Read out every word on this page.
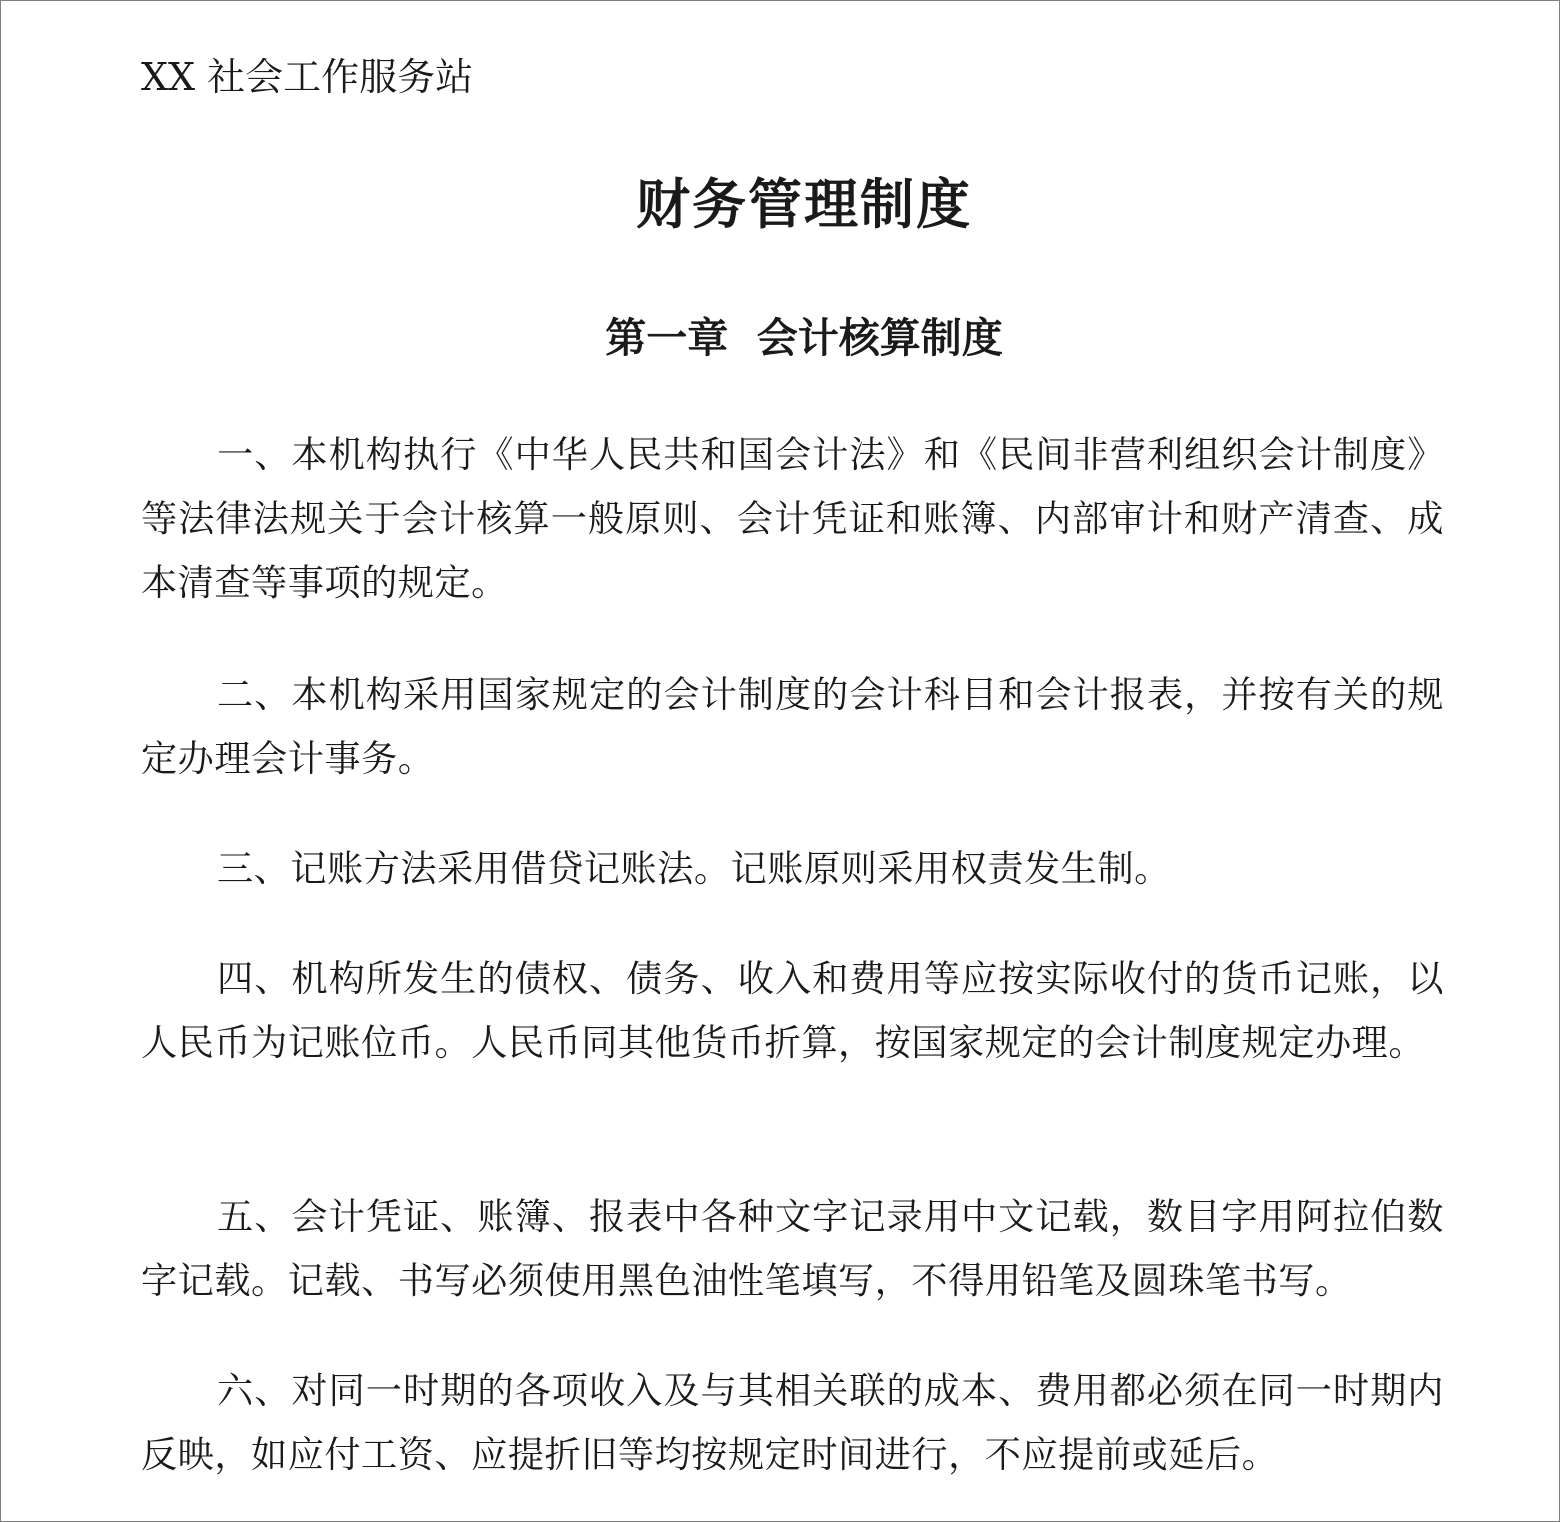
XX 社会工作服务站

财务管理制度
第一章  会计核算制度

一、本机构执行《中华人民共和国会计法》和《民间非营利组织会计制度》等法律法规关于会计核算一般原则、会计凭证和账簿、内部审计和财产清查、成本清查等事项的规定。

二、本机构采用国家规定的会计制度的会计科目和会计报表，并按有关的规定办理会计事务。

三、记账方法采用借贷记账法。记账原则采用权责发生制。

四、机构所发生的债权、债务、收入和费用等应按实际收付的货币记账，以人民币为记账位币。人民币同其他货币折算，按国家规定的会计制度规定办理。

五、会计凭证、账簿、报表中各种文字记录用中文记载，数目字用阿拉伯数字记载。记载、书写必须使用黑色油性笔填写，不得用铅笔及圆珠笔书写。

六、对同一时期的各项收入及与其相关联的成本、费用都必须在同一时期内反映，如应付工资、应提折旧等均按规定时间进行，不应提前或延后。
